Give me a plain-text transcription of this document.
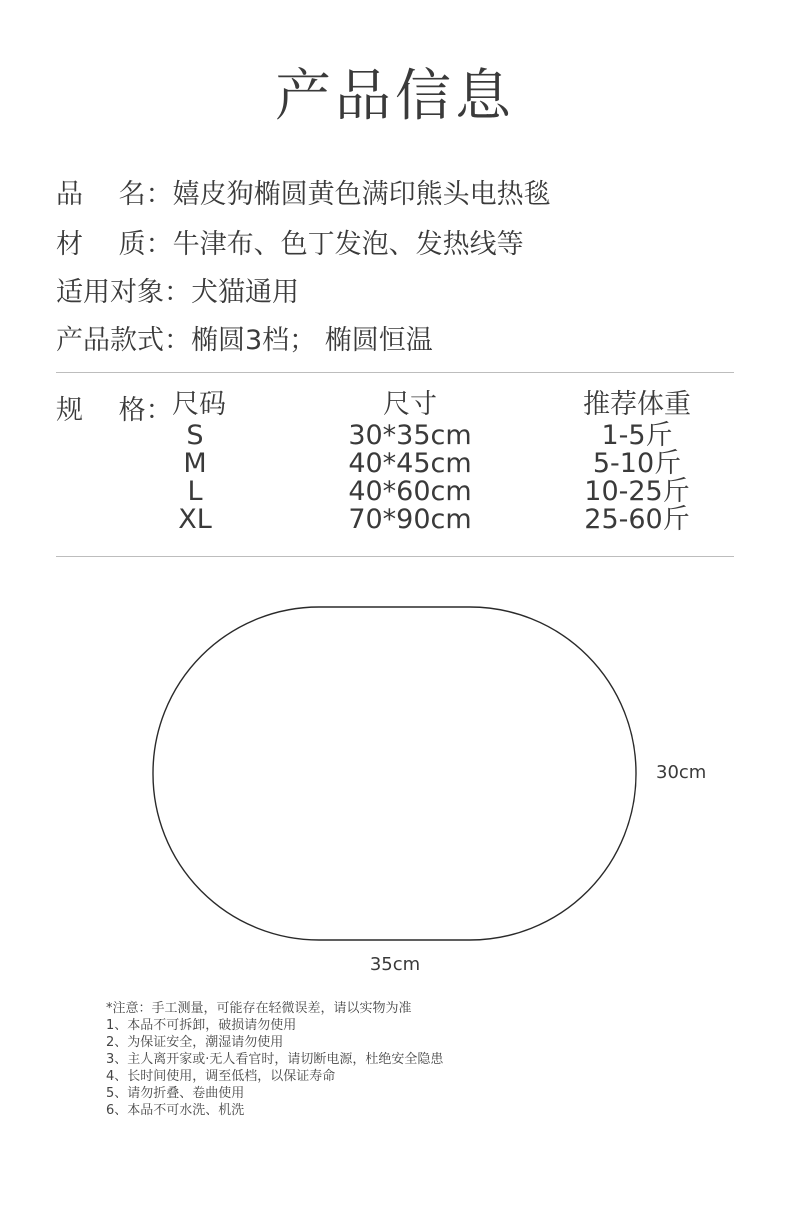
产品信息
品　 名：嬉皮狗椭圆黄色满印熊头电热毯
材　 质：牛津布、色丁发泡、发热线等
适用对象：犬猫通用
产品款式：椭圆3档； 椭圆恒温
规　 格： 尺码
S
M
L
XL
尺寸
30*35cm
40*45cm
40*60cm
70*90cm
推荐体重
1-5斤
5-10斤
10-25斤
25-60斤
30cm
35cm
*注意：手工测量，可能存在轻微误差，请以实物为准
1、本品不可拆卸，破损请勿使用
2、为保证安全，潮湿请勿使用
3、主人离开家或·无人看官时，请切断电源，杜绝安全隐患
4、长时间使用，调至低档，以保证寿命
5、请勿折叠、卷曲使用
6、本品不可水洗、机洗
